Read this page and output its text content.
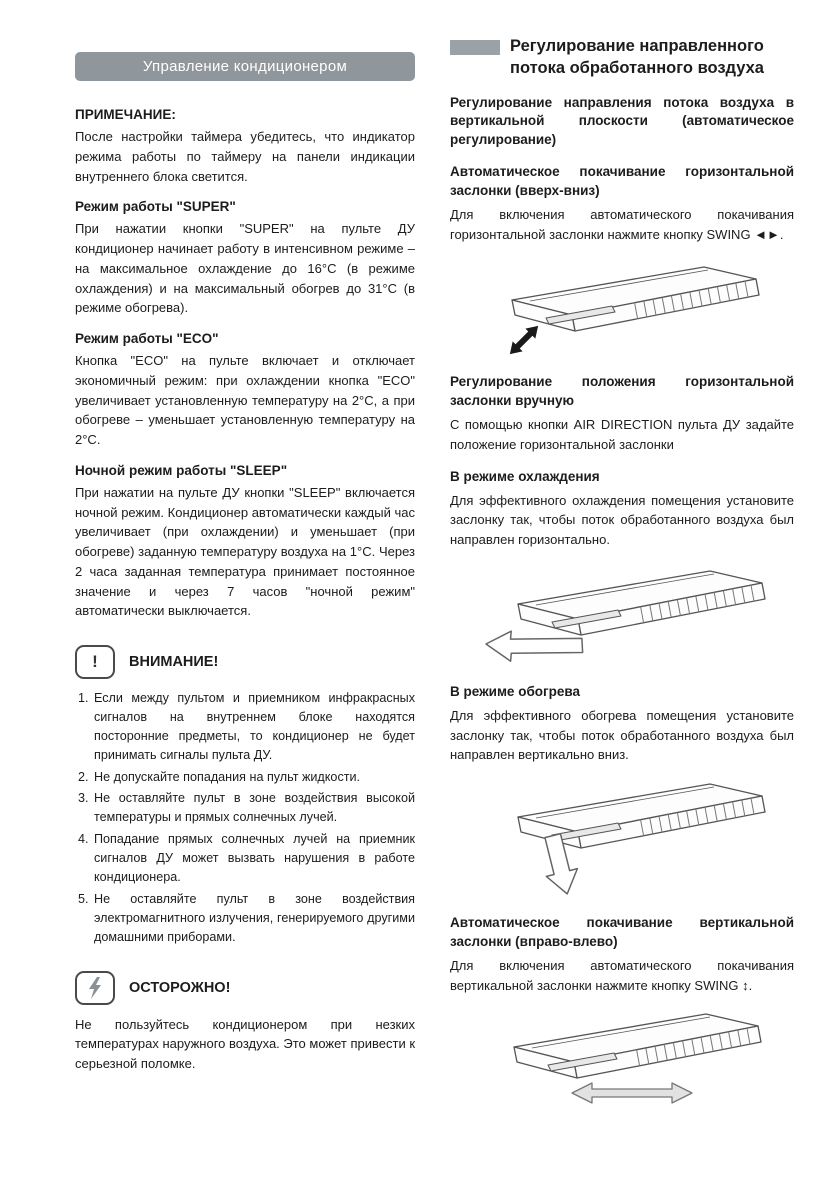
Управление кондиционером
ПРИМЕЧАНИЕ:

После настройки таймера убедитесь, что индикатор режима работы по таймеру на панели индикации внутреннего блока светится.

Режим работы "SUPER"

При нажатии кнопки "SUPER" на пульте ДУ кондиционер начинает работу в интенсивном режиме – на максимальное охлаждение до 16°С (в режиме охлаждения) и на максимальный обогрев до 31°С (в режиме обогрева).

Режим работы "ECO"

Кнопка "ECO" на пульте включает и отключает экономичный режим: при охлаждении кнопка "ECO" увеличивает установленную температуру на 2°С, а при обогреве – уменьшает установленную температуру на 2°С.

Ночной режим работы "SLEEP"

При нажатии на пульте ДУ кнопки "SLEEP" включается ночной режим. Кондиционер автоматически каждый час увеличивает (при охлаждении) и уменьшает (при обогреве) заданную температуру воздуха на 1°С. Через 2 часа заданная температура принимает постоянное значение и через 7 часов "ночной режим" автоматически выключается.

!	ВНИМАНИЕ!
1. Если между пультом и приемником инфракрасных сигналов на внутреннем блоке находятся посторонние предметы, то кондиционер не будет принимать сигналы пульта ДУ.
2. Не допускайте попадания на пульт жидкости.
3. Не оставляйте пульт в зоне воздействия высокой температуры и прямых солнечных лучей.
4. Попадание прямых солнечных лучей на приемник сигналов ДУ может вызвать нарушения в работе кондиционера.
5. Не оставляйте пульт в зоне воздействия электромагнитного излучения, генерируемого другими домашними приборами.
ОСТОРОЖНО!

Не пользуйтесь кондиционером при незких температурах наружного воздуха. Это может привести к серьезной поломке.

Регулирование направленного потока обработанного воздуха
Регулирование направления потока воздуха в вертикальной плоскости (автоматическое регулирование)
Автоматическое покачивание горизонтальной заслонки (вверх-вниз)

Для включения автоматического покачивания горизонтальной заслонки нажмите кнопку SWING ◄►.

Регулирование положения горизонтальной заслонки вручную

С помощью кнопки AIR DIRECTION пульта ДУ задайте положение горизонтальной заслонки

В режиме охлаждения

Для эффективного охлаждения помещения установите заслонку так, чтобы поток обработанного воздуха был направлен горизонтально.

В режиме обогрева

Для эффективного обогрева помещения установите заслонку так, чтобы поток обработанного воздуха был направлен вертикально вниз.

Автоматическое покачивание вертикальной заслонки (вправо-влево)

Для включения автоматического покачивания вертикальной заслонки нажмите кнопку SWING ↕.
